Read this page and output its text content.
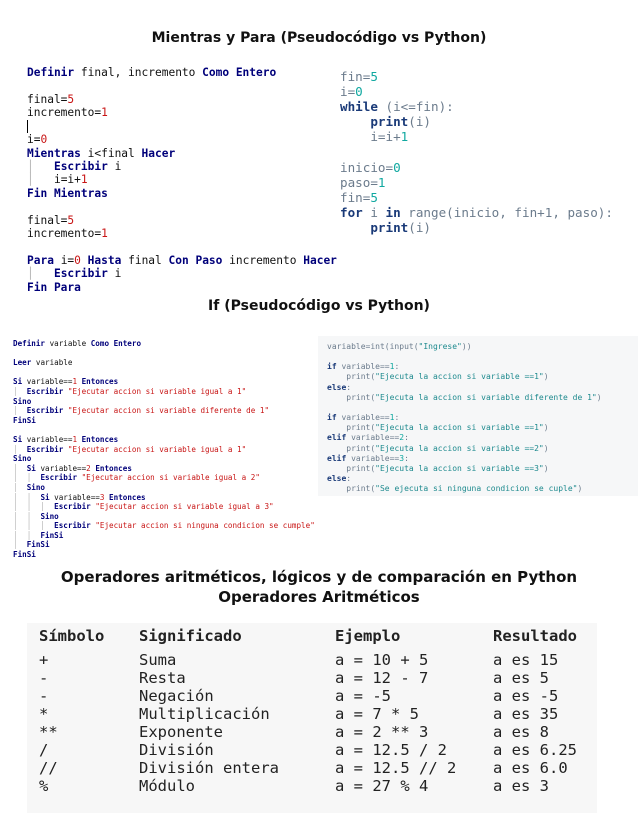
Mientras y Para (Pseudocódigo vs Python)
Definir final, incremento Como Entero

final=5
incremento=1
i=0
Mientras i<final Hacer
│   Escribir i
│   i=i+1
Fin Mientras

final=5
incremento=1

Para i=0 Hasta final Con Paso incremento Hacer
│   Escribir i
Fin Para
fin=5
i=0
while (i<=fin):
print(i)
i=i+1

inicio=0
paso=1
fin=5
for i in range(inicio, fin+1, paso):
print(i)
If (Pseudocódigo vs Python)
Definir variable Como Entero

Leer variable

Si variable==1 Entonces
│  Escribir "Ejecutar accion si variable igual a 1"
Sino
│  Escribir "Ejecutar accion si variable diferente de 1"
FinSi

Si variable==1 Entonces
│  Escribir "Ejecutar accion si variable igual a 1"
Sino
│  Si variable==2 Entonces
│  │  Escribir "Ejecutar accion si variable igual a 2"
│  Sino
│  │  Si variable==3 Entonces
│  │  │  Escribir "Ejecutar accion si variable igual a 3"
│  │  Sino
│  │  │  Escribir "Ejecutar accion si ninguna condicion se cumple"
│  │  FinSi
│  FinSi
FinSi
variable=int(input("Ingrese"))

if variable==1:
print("Ejecuta la accion si variable ==1")
else:
print("Ejecuta la accion si variable diferente de 1")

if variable==1:
print("Ejecuta la accion si variable ==1")
elif variable==2:
print("Ejecuta la accion si variable ==2")
elif variable==3:
print("Ejecuta la accion si variable ==3")
else:
print("Se ejecuta si ninguna condicion se cuple")
Operadores aritméticos, lógicos y de comparación en Python
Operadores Aritméticos
Símbolo	Significado	Ejemplo	Resultado
+	Suma	a = 10 + 5	a es 15
-	Resta	a = 12 - 7	a es 5
-	Negación	a = -5	a es -5
*	Multiplicación	a = 7 * 5	a es 35
**	Exponente	a = 2 ** 3	a es 8
/	División	a = 12.5 / 2	a es 6.25
//	División entera	a = 12.5 // 2	a es 6.0
%	Módulo	a = 27 % 4	a es 3
